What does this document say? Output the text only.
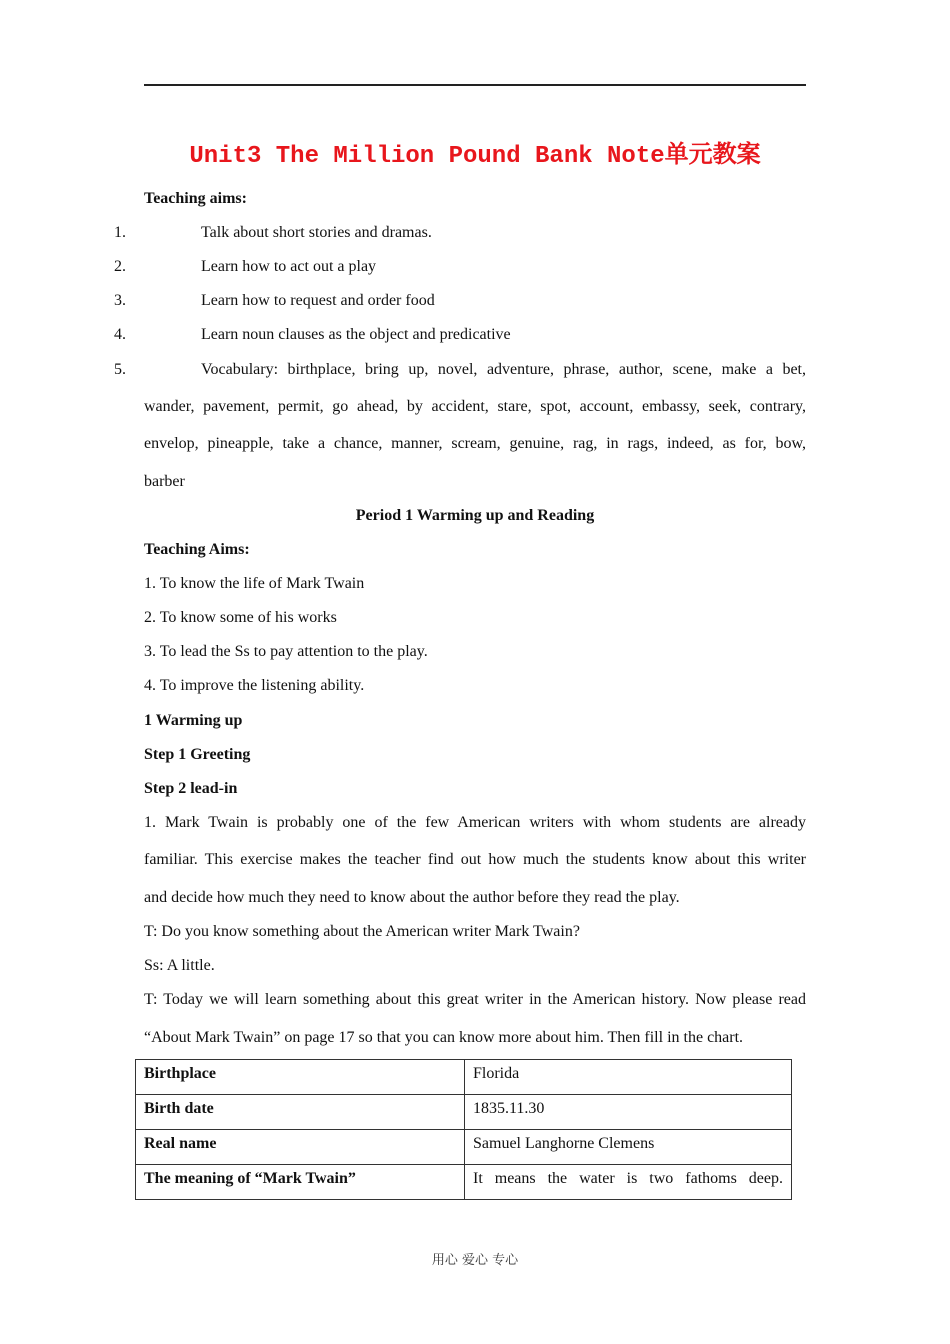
Unit3 The Million Pound Bank Note单元教案
Teaching aims:
1.	Talk about short stories and dramas.
2.	Learn how to act out a play
3.	Learn how to request and order food
4.	Learn noun clauses as the object and predicative
5.	Vocabulary: birthplace, bring up, novel, adventure, phrase, author, scene, make a bet,
wander, pavement, permit, go ahead, by accident, stare, spot, account, embassy, seek, contrary,
envelop, pineapple, take a chance, manner, scream, genuine, rag, in rags, indeed, as for, bow,
barber
Period 1 Warming up and Reading
Teaching Aims:
1. To know the life of Mark Twain
2. To know some of his works
3. To lead the Ss to pay attention to the play.
4. To improve the listening ability.
1 Warming up
Step 1 Greeting
Step 2 lead-in
1. Mark Twain is probably one of the few American writers with whom students are already
familiar. This exercise makes the teacher find out how much the students know about this writer
and decide how much they need to know about the author before they read the play.
T: Do you know something about the American writer Mark Twain?
Ss: A little.
T: Today we will learn something about this great writer in the American history. Now please read
“About Mark Twain” on page 17 so that you can know more about him. Then fill in the chart.
Birthplace	Florida
Birth date	1835.11.30
Real name	Samuel Langhorne Clemens
The meaning of “Mark Twain”	It means the water is two fathoms deep.
用心 爱心 专心
